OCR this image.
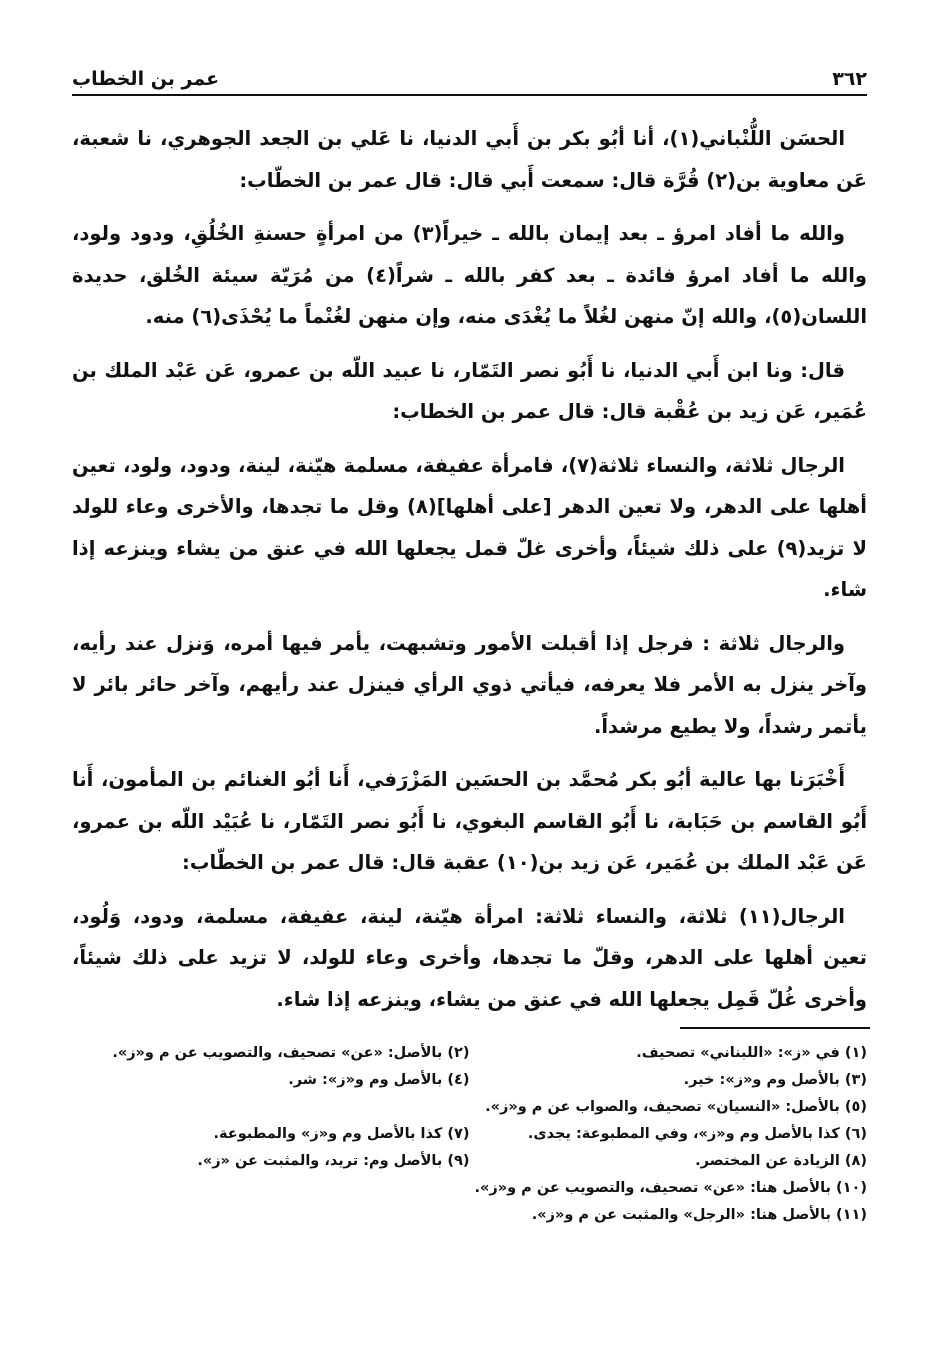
عمر بن الخطاب	٣٦٢

الحسَن اللُّنْباني(١)، أنا أبُو بكر بن أَبي الدنيا، نا عَلي بن الجعد الجوهري، نا شعبة، عَن معاوية بن(٢) قُرَّة قال: سمعت أَبي قال: قال عمر بن الخطّاب:

والله ما أفاد امرؤ ـ بعد إيمان بالله ـ خيراً(٣) من امرأةٍ حسنةِ الخُلُقِ، ودود ولود، والله ما أفاد امرؤ فائدة ـ بعد كفر بالله ـ شراً(٤) من مُرَيّة سيئة الخُلق، حديدة اللسان(٥)، والله إنّ منهن لغُلاً ما يُغْدَى منه، وإن منهن لغُنْماً ما يُحْذَى(٦) منه.

قال: ونا ابن أَبي الدنيا، نا أَبُو نصر التَمّار، نا عبيد اللّه بن عمرو، عَن عَبْد الملك بن عُمَير، عَن زيد بن عُقْبة قال: قال عمر بن الخطاب:

الرجال ثلاثة، والنساء ثلاثة(٧)، فامرأة عفيفة، مسلمة هيّنة، لينة، ودود، ولود، تعين أهلها على الدهر، ولا تعين الدهر [على أهلها](٨) وقل ما تجدها، والأخرى وعاء للولد لا تزيد(٩) على ذلك شيئاً، وأخرى غلّ قمل يجعلها الله في عنق من يشاء وينزعه إذا شاء.

والرجال ثلاثة : فرجل إذا أقبلت الأمور وتشبهت، يأمر فيها أمره، وَنزل عند رأيه، وآخر ينزل به الأمر فلا يعرفه، فيأتي ذوي الرأي فينزل عند رأيهم، وآخر حائر بائر لا يأتمر رشداً، ولا يطيع مرشداً.

أَخْبَرَنا بها عالية أبُو بكر مُحمَّد بن الحسَين المَزْرَفي، أَنا أبُو الغنائم بن المأمون، أَنا أَبُو القاسم بن حَبَابة، نا أَبُو القاسم البغوي، نا أَبُو نصر التَمّار، نا عُبَيْد اللّه بن عمرو، عَن عَبْد الملك بن عُمَير، عَن زيد بن(١٠) عقبة قال: قال عمر بن الخطّاب:

الرجال(١١) ثلاثة، والنساء ثلاثة: امرأة هيّنة، لينة، عفيفة، مسلمة، ودود، وَلُود، تعين أهلها على الدهر، وقلّ ما تجدها، وأخرى وعاء للولد، لا تزيد على ذلك شيئاً، وأخرى غُلّ قَمِل يجعلها الله في عنق من يشاء، وينزعه إذا شاء.

(١) في «ز»: «اللبناني» تصحيف.
(٢) بالأصل: «عن» تصحيف، والتصويب عن م و«ز».
(٣) بالأصل وم و«ز»: خير.
(٤) بالأصل وم و«ز»: شر.
(٥) بالأصل: «النسيان» تصحيف، والصواب عن م و«ز».
(٦) كذا بالأصل وم و«ز»، وفي المطبوعة: يجدى.
(٧) كذا بالأصل وم و«ز» والمطبوعة.
(٨) الزيادة عن المختصر.
(٩) بالأصل وم: تريد، والمثبت عن «ز».
(١٠) بالأصل هنا: «عن» تصحيف، والتصويب عن م و«ز».
(١١) بالأصل هنا: «الرجل» والمثبت عن م و«ز».
